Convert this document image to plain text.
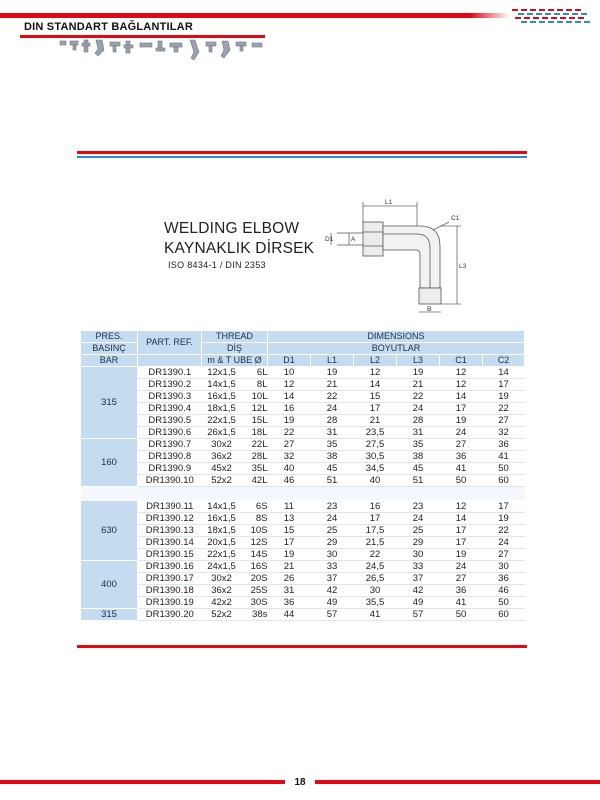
DIN STANDART BAĞLANTILAR
WELDING ELBOW
KAYNAKLIK DİRSEK
ISO 8434-1 / DIN 2353
L1
C1
A
D1
L3
B
PRES.	PART. REF.	THREAD	DIMENSIONS					
BASINÇ		DİŞ	BOYUTLAR					
BAR		m & T UBE Ø	D1	L1	L2	L3	C1	C2
315	DR1390.1	12x1,5 6L	10	19	12	19	12	14
	DR1390.2	14x1,5 8L	12	21	14	21	12	17
	DR1390.3	16x1,5 10L	14	22	15	22	14	19
	DR1390.4	18x1,5 12L	16	24	17	24	17	22
	DR1390.5	22x1,5 15L	19	28	21	28	19	27
	DR1390.6	26x1,5 18L	22	31	23,5	31	24	32
160	DR1390.7	30x2 22L	27	35	27,5	35	27	36
	DR1390.8	36x2 28L	32	38	30,5	38	36	41
	DR1390.9	45x2 35L	40	45	34,5	45	41	50
	DR1390.10	52x2 42L	46	51	40	51	50	60

630	DR1390.11	14x1,5 6S	11	23	16	23	12	17
	DR1390.12	16x1,5 8S	13	24	17	24	14	19
	DR1390.13	18x1,5 10S	15	25	17,5	25	17	22
	DR1390.14	20x1,5 12S	17	29	21,5	29	17	24
	DR1390.15	22x1,5 14S	19	30	22	30	19	27
400	DR1390.16	24x1,5 16S	21	33	24,5	33	24	30
	DR1390.17	30x2 20S	26	37	26,5	37	27	36
	DR1390.18	36x2 25S	31	42	30	42	36	46
	DR1390.19	42x2 30S	36	49	35,5	49	41	50
315	DR1390.20	52x2 38s	44	57	41	57	50	60
18
